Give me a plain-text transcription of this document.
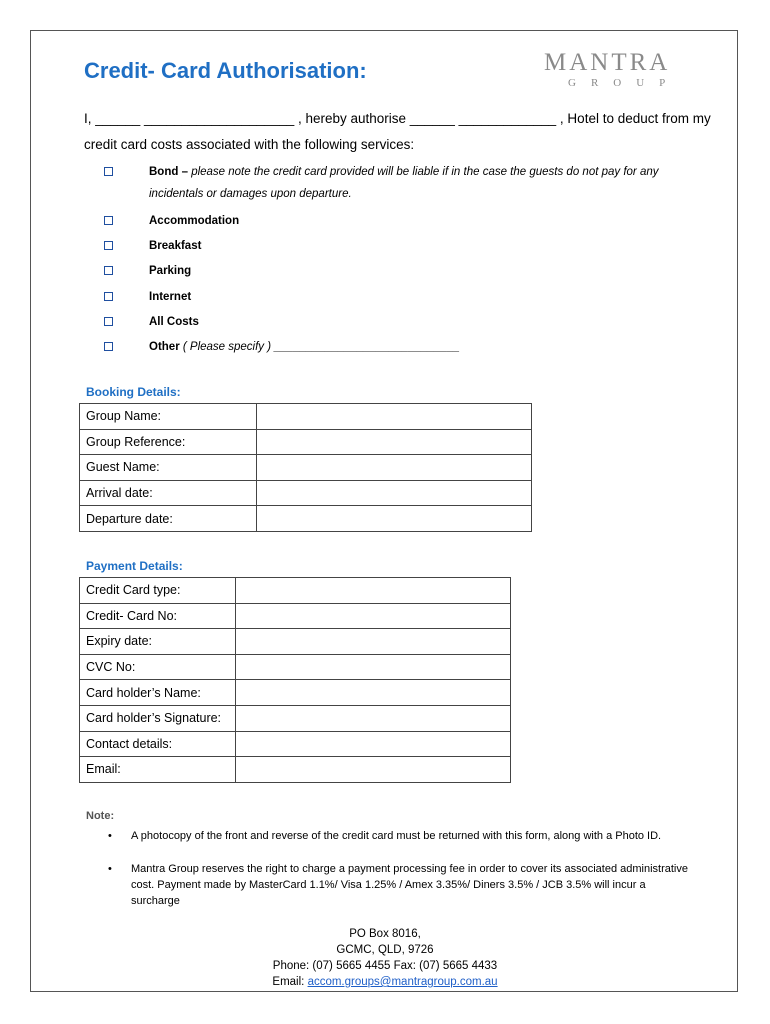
Credit- Card Authorisation:	MANTRA
GROUP
I, ______ ____________________ , hereby authorise ______ _____________ , Hotel to deduct from my
credit card costs associated with the following services:
Bond – please note the credit card provided will be liable if in the case the guests do not pay for any
incidentals or damages upon departure.
Accommodation
Breakfast
Parking
Internet
All Costs
Other ( Please specify ) _____________________________
Booking Details:
Group Name:	
Group Reference:	
Guest Name:	
Arrival date:	
Departure date:	
Payment Details:
Credit Card type:	
Credit- Card No:	
Expiry date:	
CVC No:	
Card holder’s Name:	
Card holder’s Signature:	
Contact details:	
Email:	
Note:
• A photocopy of the front and reverse of the credit card must be returned with this form, along with a Photo ID.
• Mantra Group reserves the right to charge a payment processing fee in order to cover its associated administrative cost. Payment made by MasterCard 1.1%/ Visa 1.25% / Amex 3.35%/ Diners 3.5% / JCB 3.5% will incur a surcharge
PO Box 8016,
GCMC, QLD, 9726
Phone: (07) 5665 4455 Fax: (07) 5665 4433
Email: accom.groups@mantragroup.com.au
